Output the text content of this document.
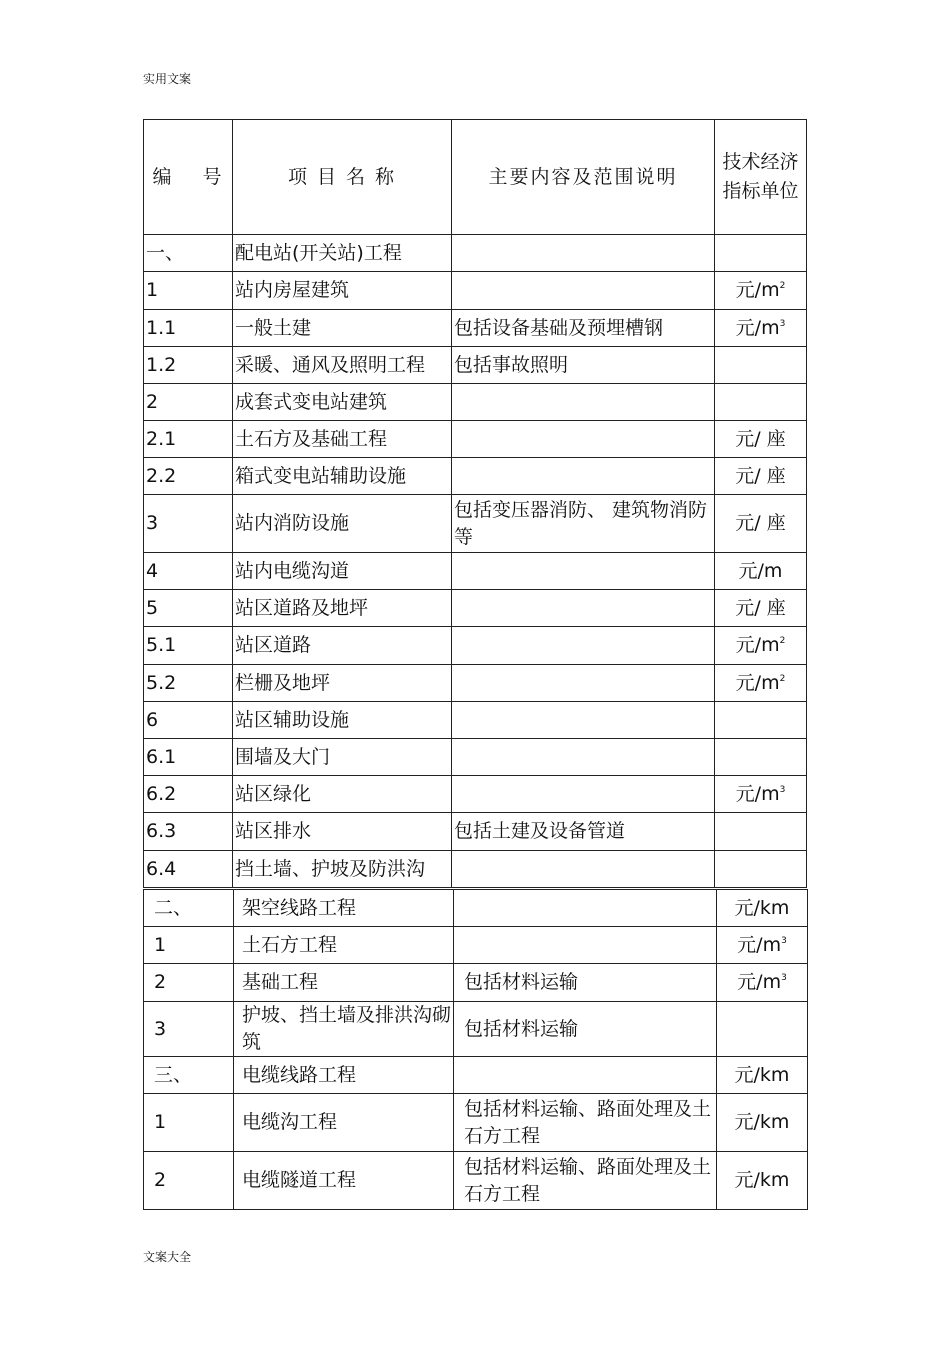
实用文案
编　 号	项 目 名 称	主要内容及范围说明	技术经济指标单位
一、	配电站(开关站)工程		
1	站内房屋建筑		元$/m^2$
1.1	一般土建	包括设备基础及预埋槽钢	元$/m^3$
1.2	采暖、通风及照明工程	包括事故照明	
2	成套式变电站建筑		
2.1	土石方及基础工程		元/ 座
2.2	箱式变电站辅助设施		元/ 座
3	站内消防设施	包括变压器消防、 建筑物消防等	元/ 座
4	站内电缆沟道		元/m
5	站区道路及地坪		元/ 座
5.1	站区道路		元$/m^2$
5.2	栏栅及地坪		元$/m^2$
6	站区辅助设施		
6.1	围墙及大门		
6.2	站区绿化		元$/m^3$
6.3	站区排水	包括土建及设备管道	
6.4	挡土墙、护坡及防洪沟		
二、	架空线路工程		元/km
1	土石方工程		元$/m^3$
2	基础工程	包括材料运输	元$/m^3$
3	护坡、挡土墙及排洪沟砌筑	包括材料运输	
三、	电缆线路工程		元/km
1	电缆沟工程	包括材料运输、路面处理及土石方工程	元/km
2	电缆隧道工程	包括材料运输、路面处理及土石方工程	元/km
文案大全
